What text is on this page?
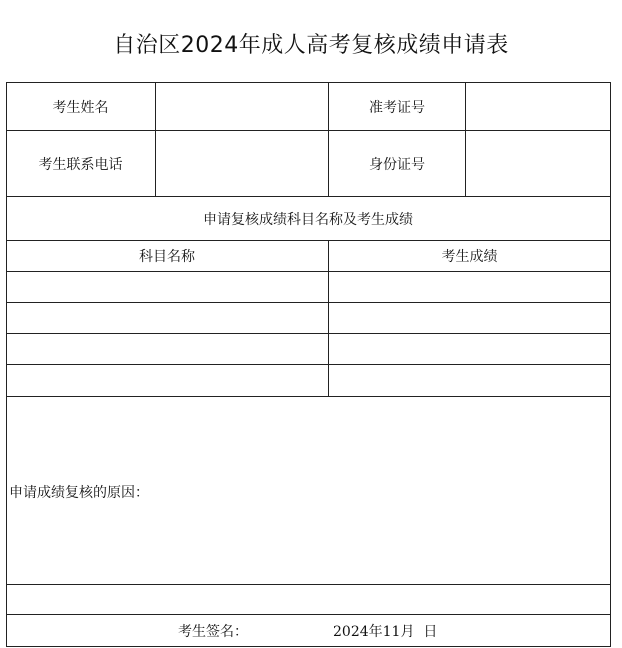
自治区2024年成人高考复核成绩申请表
考生姓名	准考证号
考生联系电话	身份证号
申请复核成绩科目名称及考生成绩
科目名称	考生成绩
申请成绩复核的原因：
考生签名：	2024年11月  日
